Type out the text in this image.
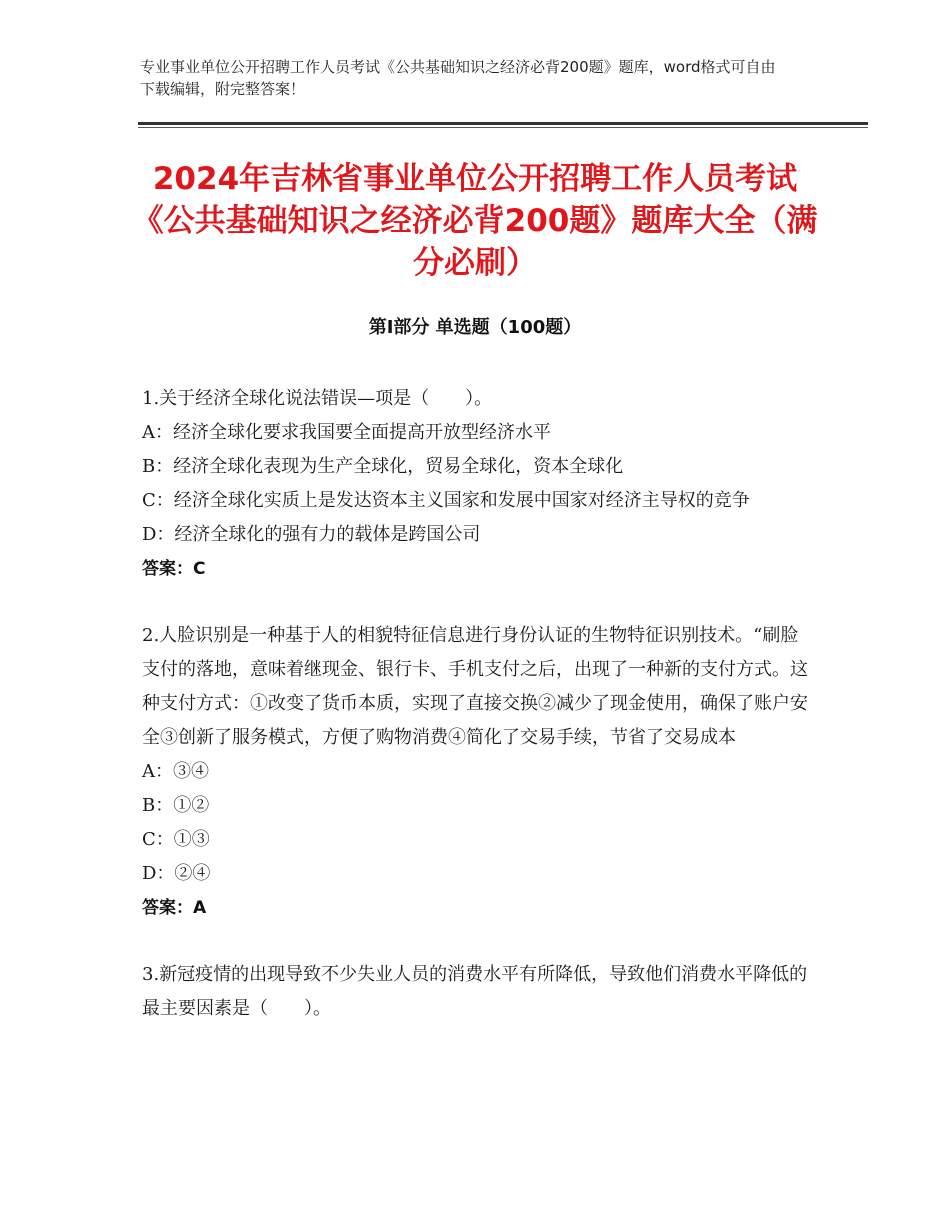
专业事业单位公开招聘工作人员考试《公共基础知识之经济必背200题》题库，word格式可自由下载编辑，附完整答案！
2024年吉林省事业单位公开招聘工作人员考试《公共基础知识之经济必背200题》题库大全（满分必刷）
第I部分 单选题（100题）

1.关于经济全球化说法错误—项是（　　）。

A：经济全球化要求我国要全面提高开放型经济水平

B：经济全球化表现为生产全球化，贸易全球化，资本全球化

C：经济全球化实质上是发达资本主义国家和发展中国家对经济主导权的竞争

D：经济全球化的强有力的载体是跨国公司

答案：C

2.人脸识别是一种基于人的相貌特征信息进行身份认证的生物特征识别技术。“刷脸支付的落地，意味着继现金、银行卡、手机支付之后，出现了一种新的支付方式。这种支付方式：①改变了货币本质，实现了直接交换②减少了现金使用，确保了账户安全③创新了服务模式，方便了购物消费④简化了交易手续，节省了交易成本

A：③④

B：①②

C：①③

D：②④

答案：A

3.新冠疫情的出现导致不少失业人员的消费水平有所降低，导致他们消费水平降低的最主要因素是（　　）。
